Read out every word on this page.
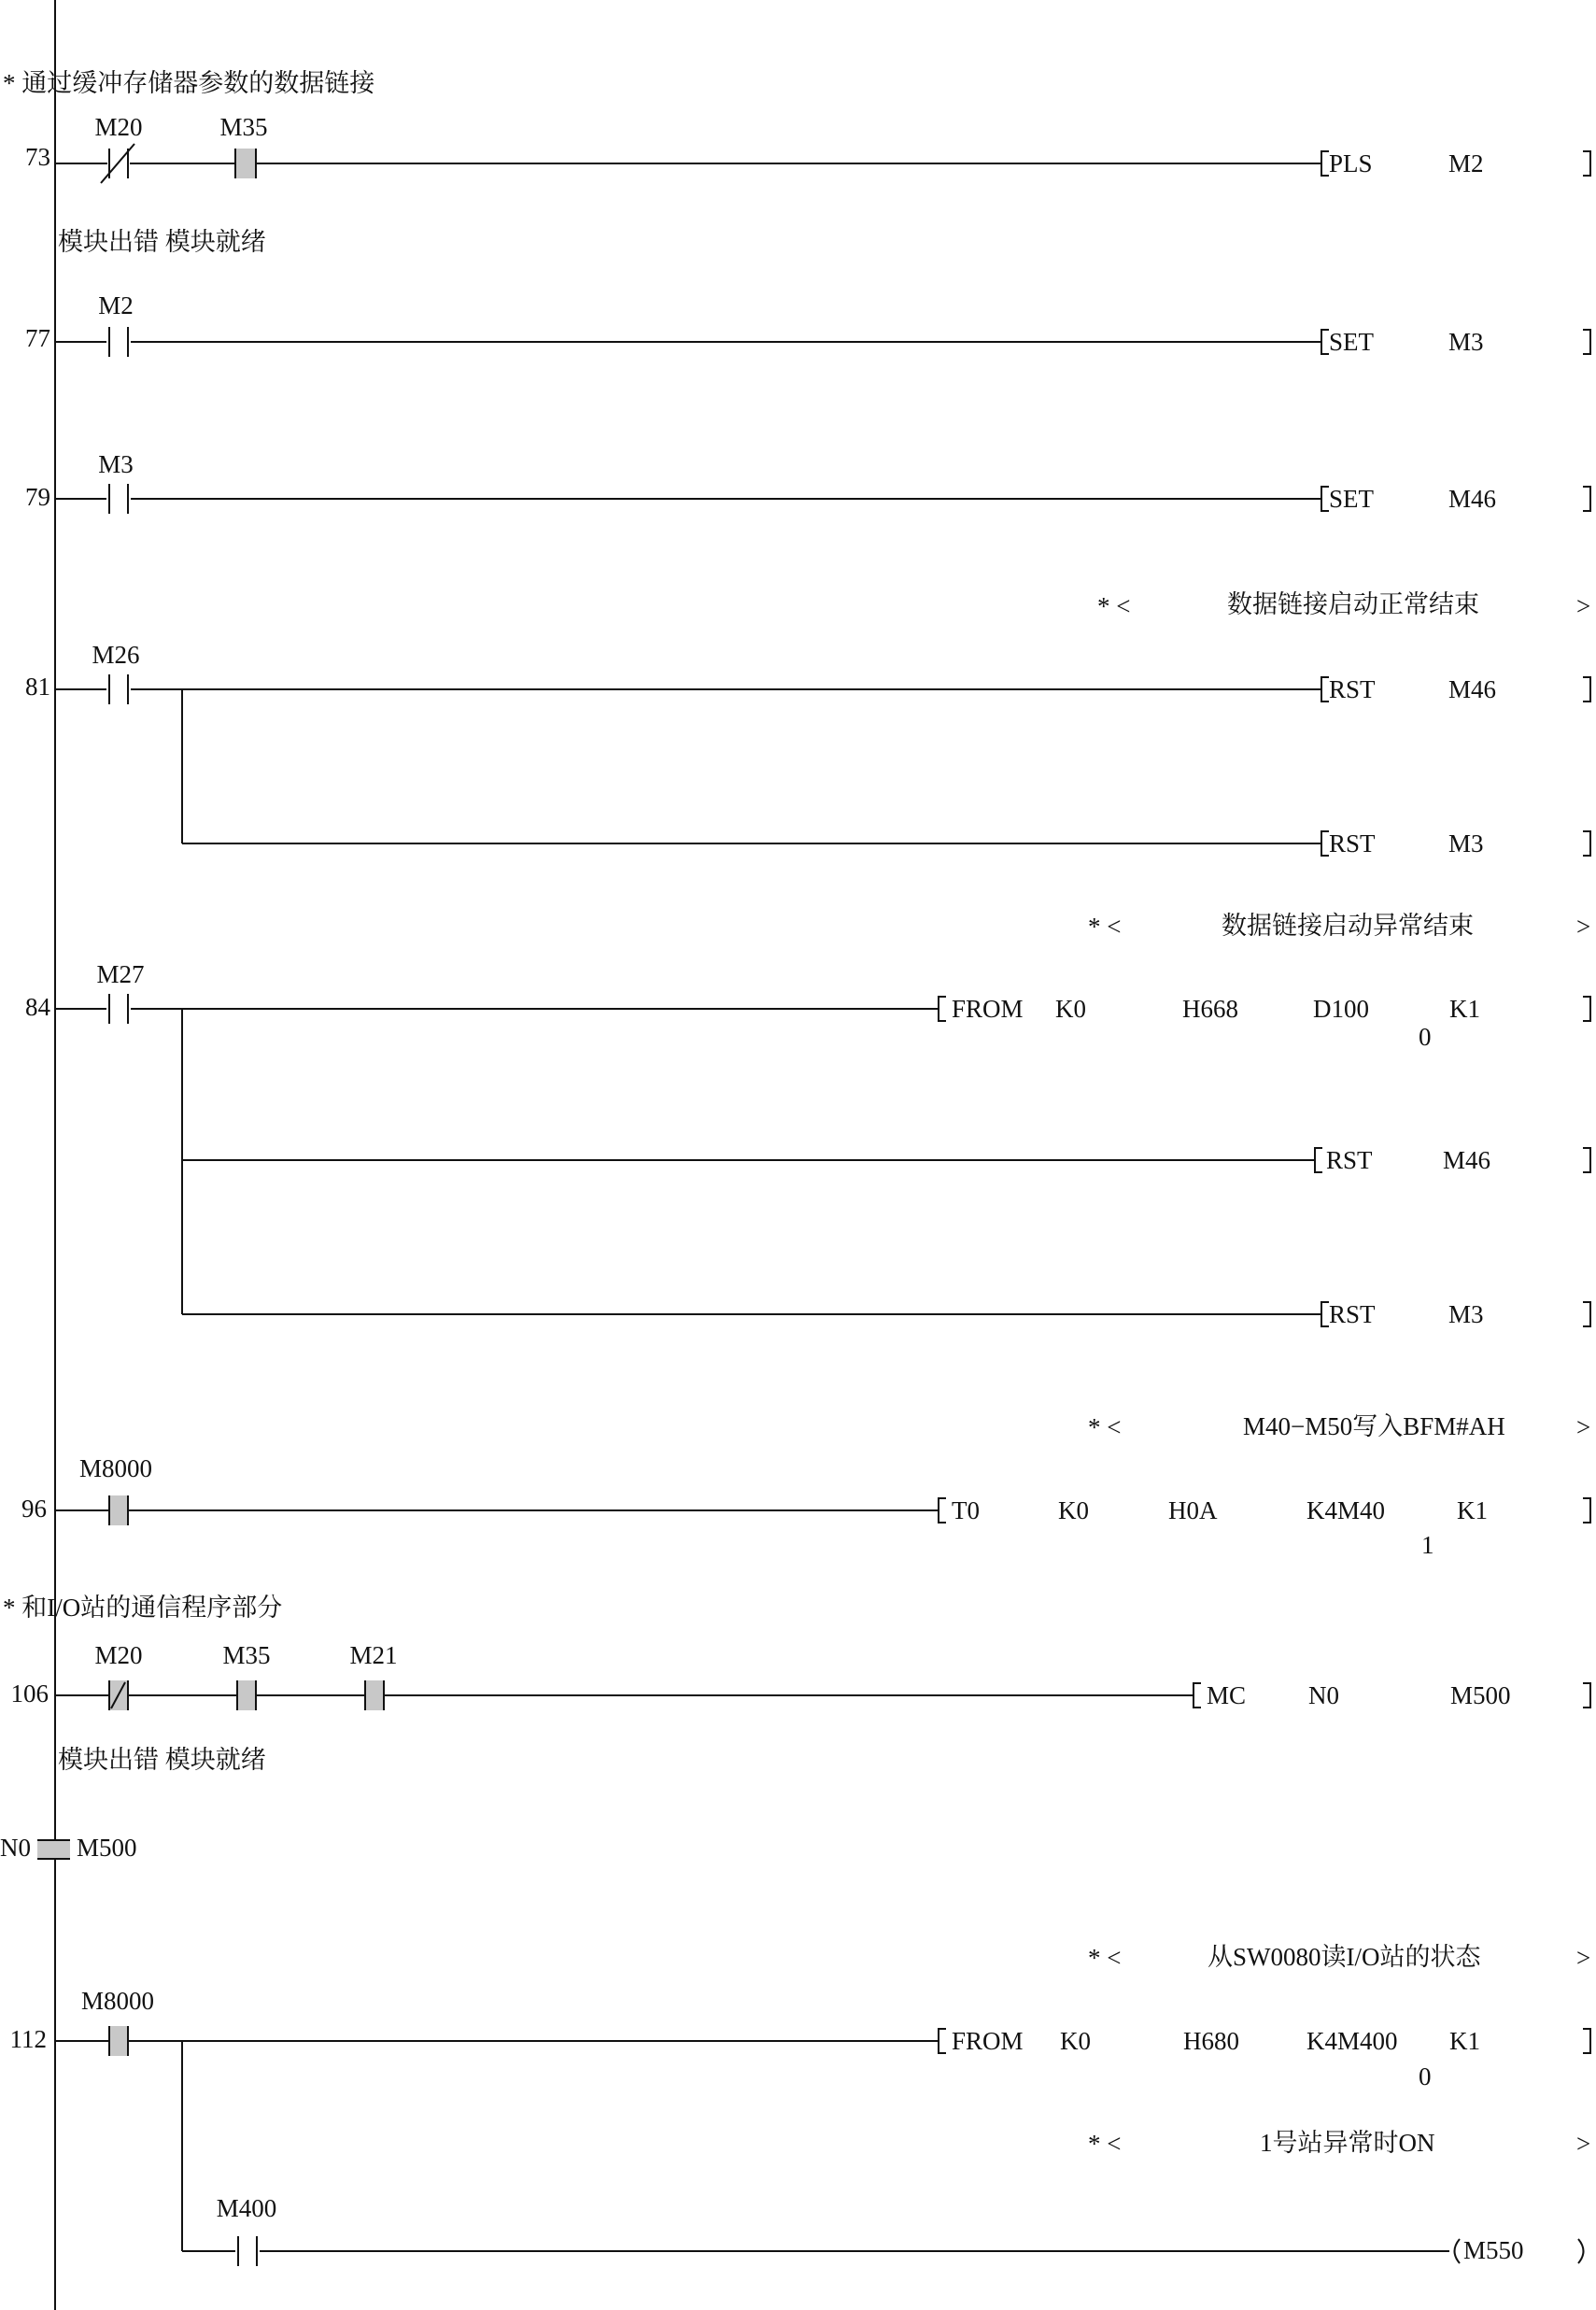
* 通过缓冲存储器参数的数据链接
73
M20	M35
模块出错 模块就绪
PLS	M2
77
M2
SET	M3
79
M3
SET	M46
* <	数据链接启动正常结束	>
81
M26
RST	M46
RST	M3
* <	数据链接启动异常结束	>
84
M27
FROM K0	H668	D100	K1
0
RST	M46
RST	M3
* <	M40−M50写入BFM#AH	>
96
M8000
T0	K0	H0A	K4M40	K1
1
* 和I/O站的通信程序部分
106
M20	M35	M21
模块出错 模块就绪
MC N0	M500
N0 M500
* <	从SW0080读I/O站的状态	>
112
M8000
FROM K0	H680	K4M400 K1
0
* <	1号站异常时ON	>
M400
M550
